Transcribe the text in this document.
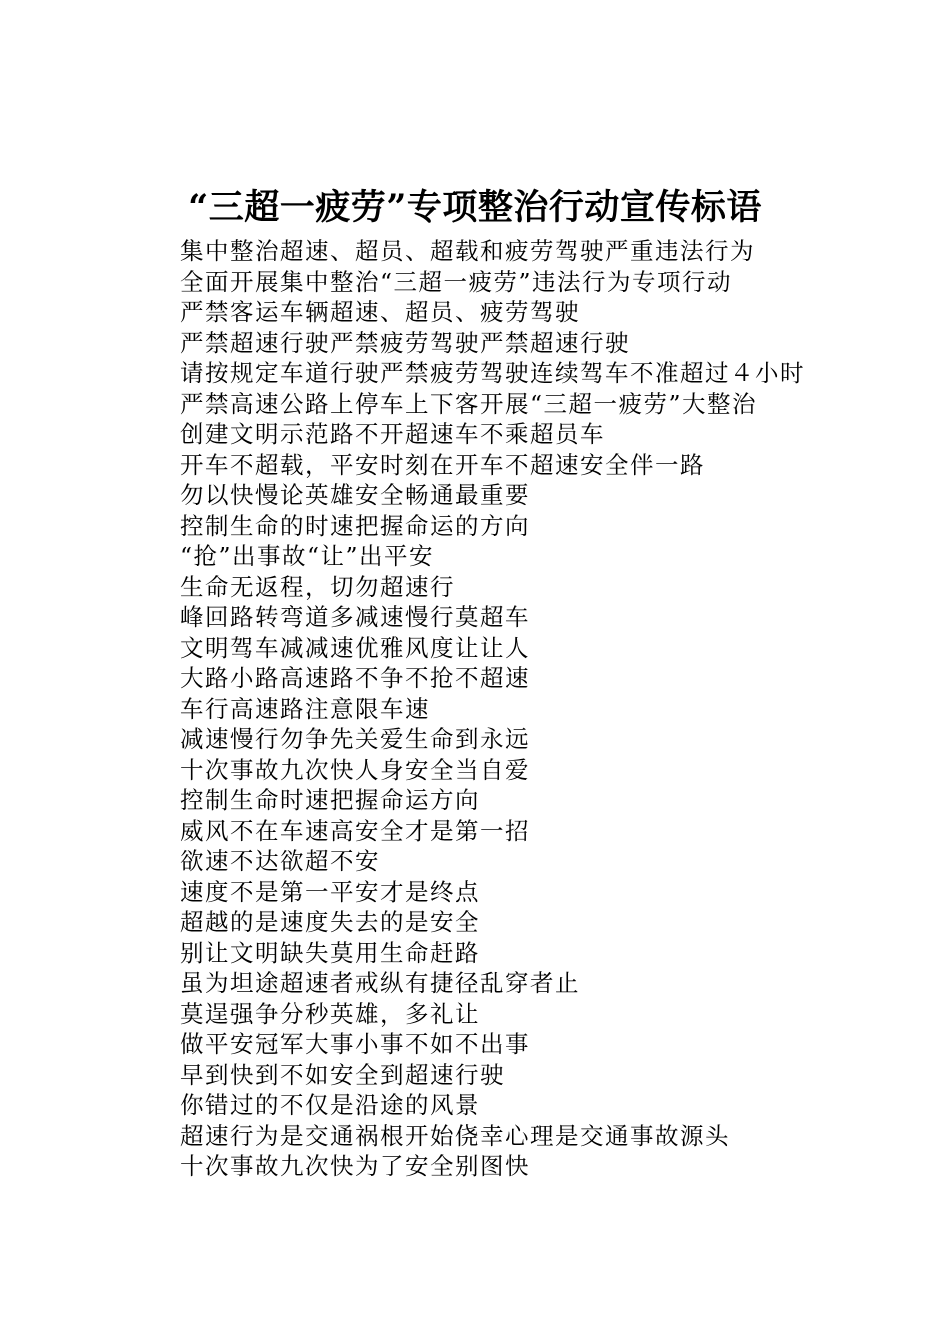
“三超一疲劳”专项整治行动宣传标语
集中整治超速、超员、超载和疲劳驾驶严重违法行为
全面开展集中整治“三超一疲劳”违法行为专项行动
严禁客运车辆超速、超员、疲劳驾驶
严禁超速行驶严禁疲劳驾驶严禁超速行驶
请按规定车道行驶严禁疲劳驾驶连续驾车不准超过４小时
严禁高速公路上停车上下客开展“三超一疲劳”大整治
创建文明示范路不开超速车不乘超员车
开车不超载，平安时刻在开车不超速安全伴一路
勿以快慢论英雄安全畅通最重要
控制生命的时速把握命运的方向
“抢”出事故“让”出平安
生命无返程，切勿超速行
峰回路转弯道多减速慢行莫超车
文明驾车减减速优雅风度让让人
大路小路高速路不争不抢不超速
车行高速路注意限车速
减速慢行勿争先关爱生命到永远
十次事故九次快人身安全当自爱
控制生命时速把握命运方向
威风不在车速高安全才是第一招
欲速不达欲超不安
速度不是第一平安才是终点
超越的是速度失去的是安全
别让文明缺失莫用生命赶路
虽为坦途超速者戒纵有捷径乱穿者止
莫逞强争分秒英雄，多礼让
做平安冠军大事小事不如不出事
早到快到不如安全到超速行驶
你错过的不仅是沿途的风景
超速行为是交通祸根开始侥幸心理是交通事故源头
十次事故九次快为了安全别图快
